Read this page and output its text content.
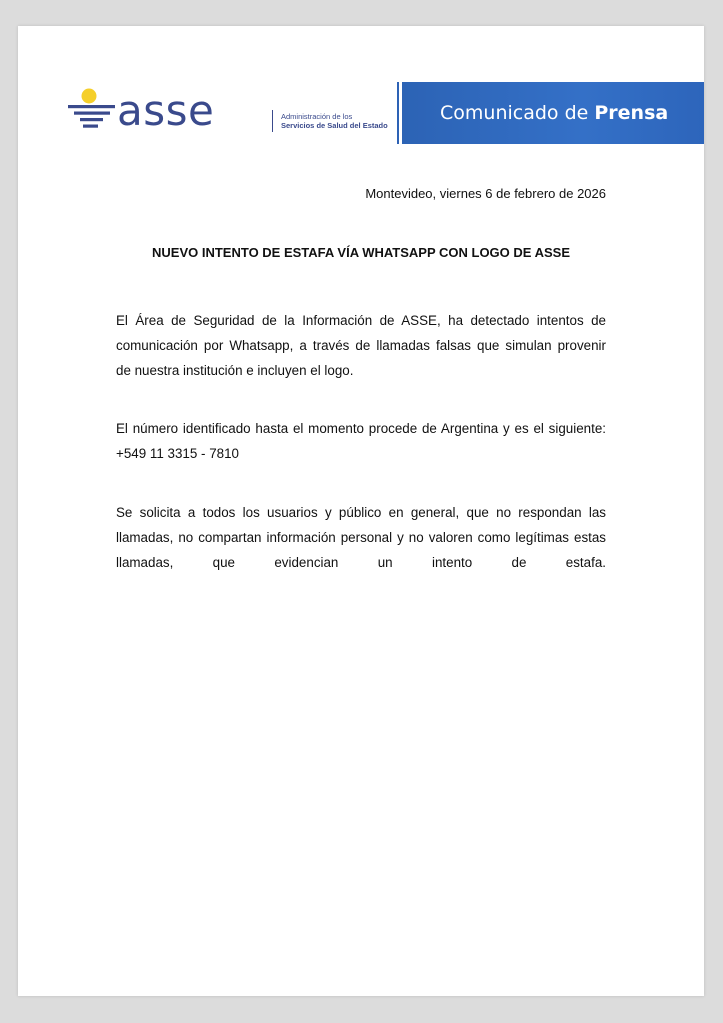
asse	Administración de los
Servicios de Salud del Estado
Comunicado de Prensa
Montevideo, viernes 6 de febrero de 2026
NUEVO INTENTO DE ESTAFA VÍA WHATSAPP CON LOGO DE ASSE
El Área de Seguridad de la Información de ASSE, ha detectado intentos de
comunicación por Whatsapp, a través de llamadas falsas que simulan provenir
de nuestra institución e incluyen el logo.
El número identificado hasta el momento procede de Argentina y es el siguiente:
+549 11 3315 - 7810
Se solicita a todos los usuarios y público en general, que no respondan las
llamadas, no compartan información personal y no valoren como legítimas estas
llamadas, que evidencian un intento de estafa.
